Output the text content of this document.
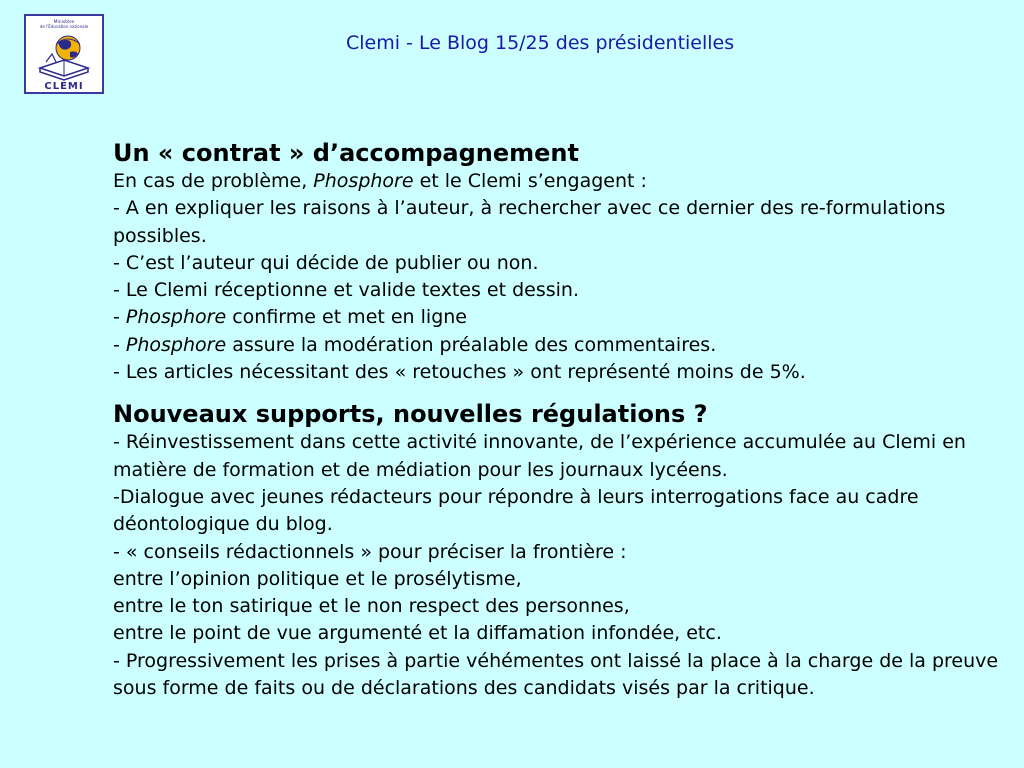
Ministère
de l'Éducation nationale
CLEMI
Clemi - Le Blog 15/25 des présidentielles
Un « contrat » d’accompagnement
En cas de problème, Phosphore et le Clemi s’engagent :
- A en expliquer les raisons à l’auteur, à rechercher avec ce dernier des re-formulations possibles.
- C’est l’auteur qui décide de publier ou non.
- Le Clemi réceptionne et valide textes et dessin.
- Phosphore confirme et met en ligne
- Phosphore assure la modération préalable des commentaires.
- Les articles nécessitant des « retouches » ont représenté moins de 5%.
Nouveaux supports, nouvelles régulations ?
- Réinvestissement dans cette activité innovante, de l’expérience accumulée au Clemi en matière de formation et de médiation pour les journaux lycéens.
-Dialogue avec jeunes rédacteurs pour répondre à leurs interrogations face au cadre déontologique du blog.
- « conseils rédactionnels » pour préciser la frontière :
entre l’opinion politique et le prosélytisme,
entre le ton satirique et le non respect des personnes,
entre le point de vue argumenté et la diffamation infondée, etc.
- Progressivement les prises à partie véhémentes ont laissé la place à la charge de la preuve sous forme de faits ou de déclarations des candidats visés par la critique.
